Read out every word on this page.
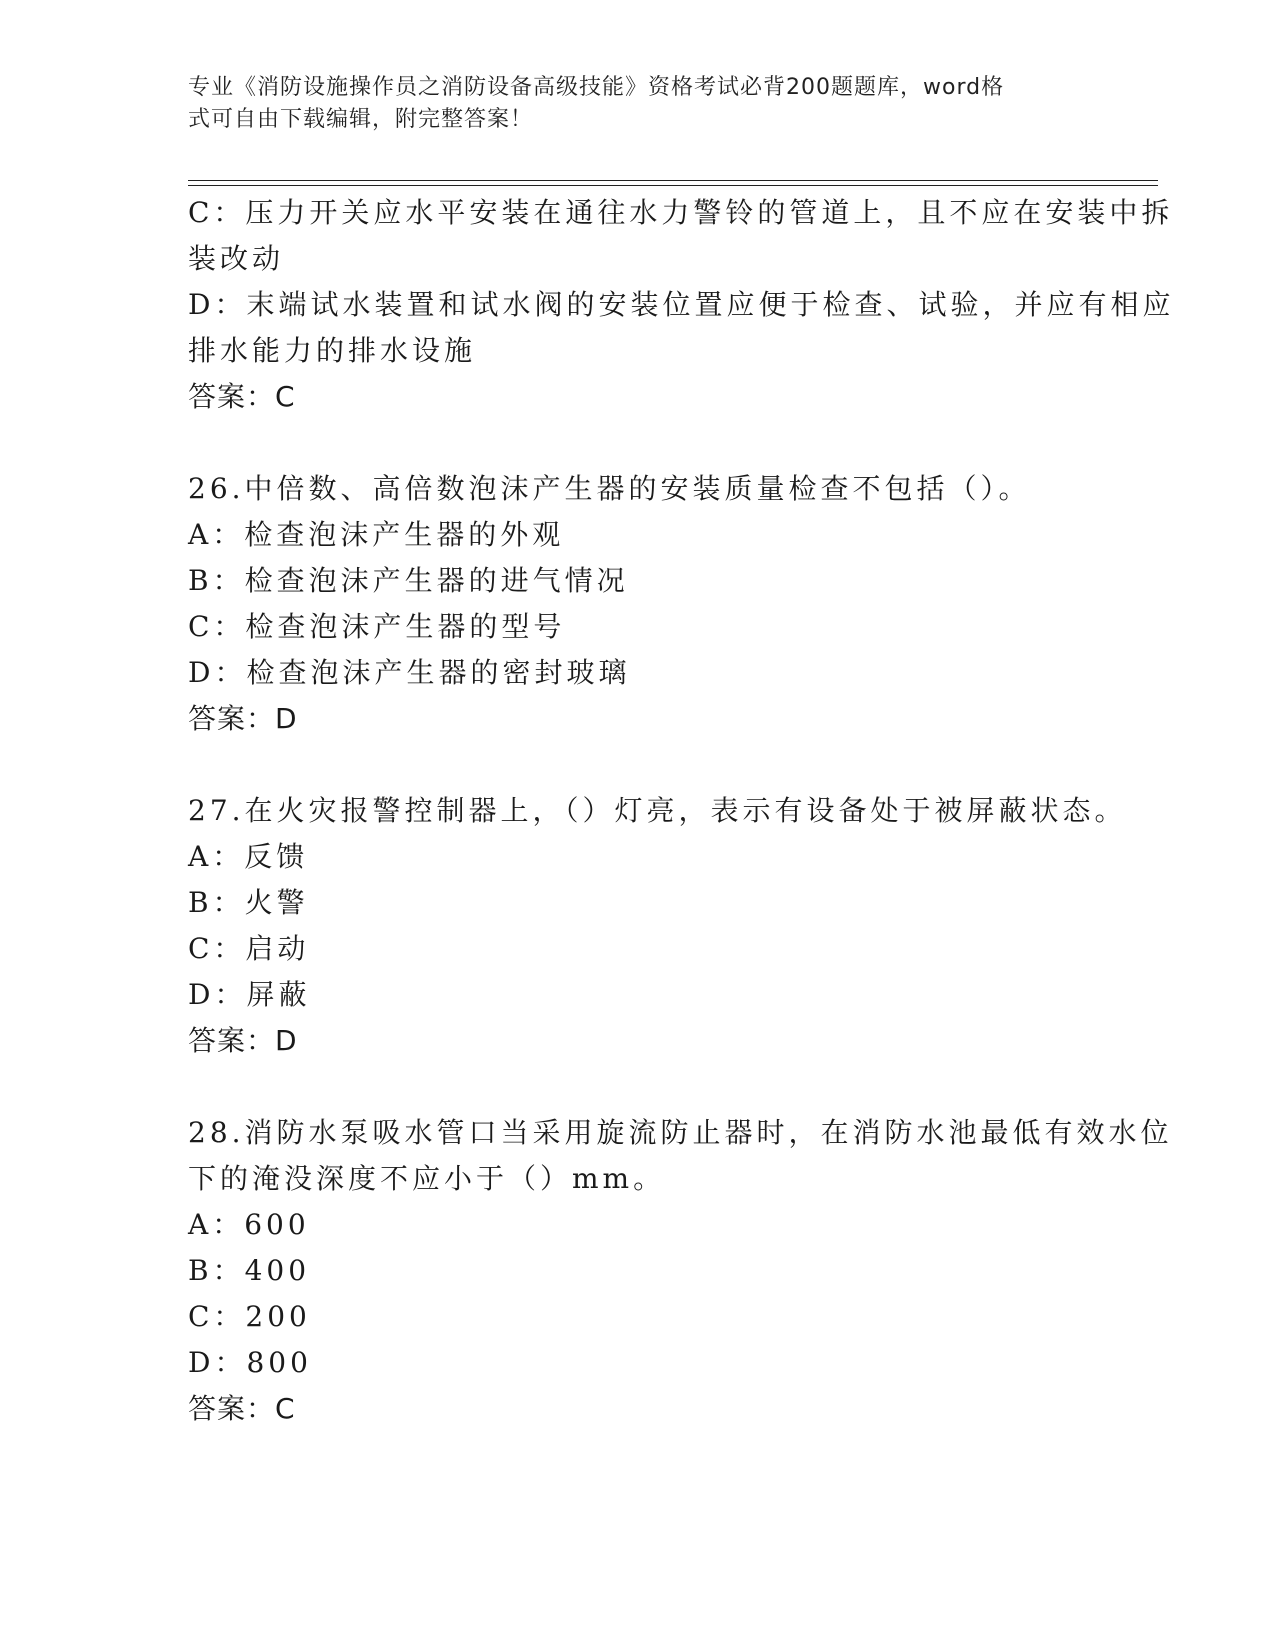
专业《消防设施操作员之消防设备高级技能》资格考试必背200题题库，word格
式可自由下载编辑，附完整答案！
C：压力开关应水平安装在通往水力警铃的管道上，且不应在安装中拆
装改动
D：末端试水装置和试水阀的安装位置应便于检查、试验，并应有相应
排水能力的排水设施
答案：C
26.中倍数、高倍数泡沫产生器的安装质量检查不包括（）。
A：检查泡沫产生器的外观
B：检查泡沫产生器的进气情况
C：检查泡沫产生器的型号
D：检查泡沫产生器的密封玻璃
答案：D
27.在火灾报警控制器上，（）灯亮，表示有设备处于被屏蔽状态。
A：反馈
B：火警
C：启动
D：屏蔽
答案：D
28.消防水泵吸水管口当采用旋流防止器时，在消防水池最低有效水位
下的淹没深度不应小于（）mm。
A：600
B：400
C：200
D：800
答案：C
